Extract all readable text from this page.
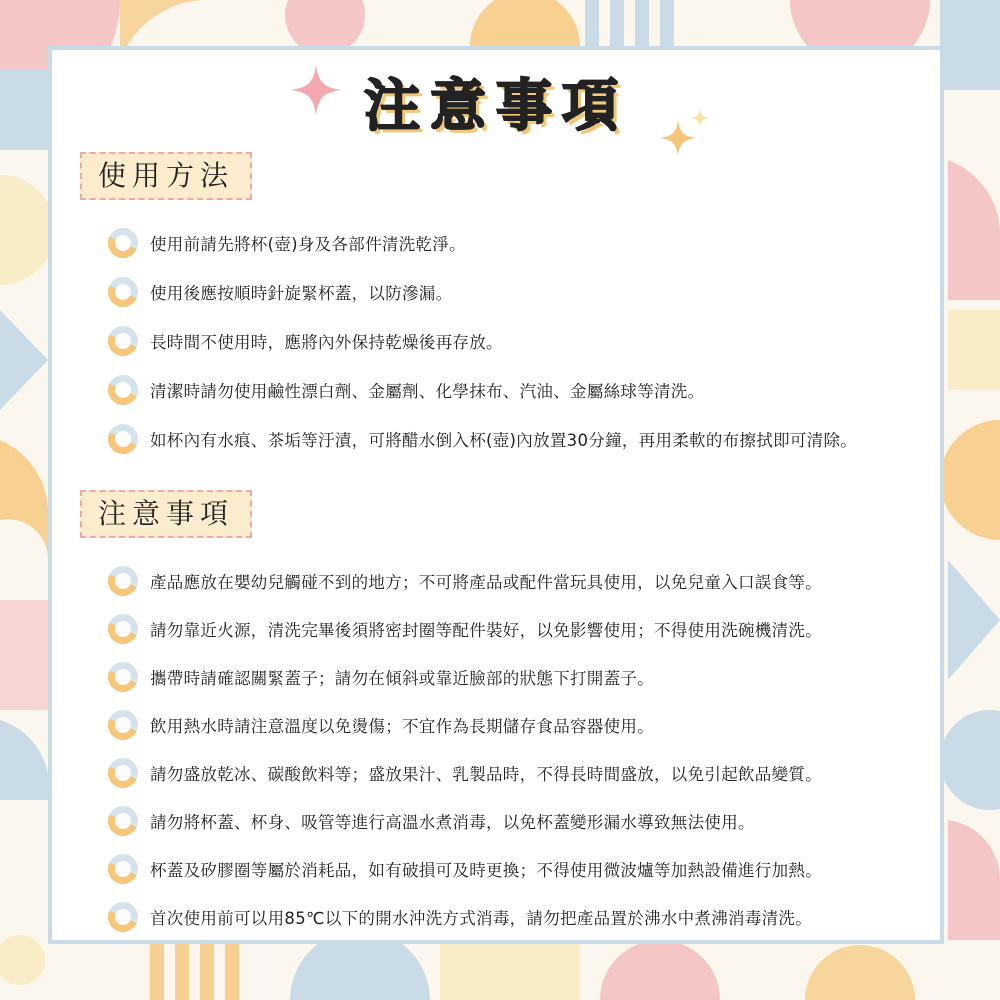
注意事項
使用方法
使用前請先將杯(壺)身及各部件清洗乾淨。
使用後應按順時針旋緊杯蓋，以防滲漏。
長時間不使用時，應將內外保持乾燥後再存放。
清潔時請勿使用鹼性漂白劑、金屬劑、化學抹布、汽油、金屬絲球等清洗。
如杯內有水痕、茶垢等汙漬，可將醋水倒入杯(壺)內放置30分鐘，再用柔軟的布擦拭即可清除。
注意事項
產品應放在嬰幼兒觸碰不到的地方；不可將產品或配件當玩具使用，以免兒童入口誤食等。
請勿靠近火源，清洗完畢後須將密封圈等配件裝好，以免影響使用；不得使用洗碗機清洗。
攜帶時請確認關緊蓋子；請勿在傾斜或靠近臉部的狀態下打開蓋子。
飲用熱水時請注意溫度以免燙傷；不宜作為長期儲存食品容器使用。
請勿盛放乾冰、碳酸飲料等；盛放果汁、乳製品時，不得長時間盛放，以免引起飲品變質。
請勿將杯蓋、杯身、吸管等進行高溫水煮消毒，以免杯蓋變形漏水導致無法使用。
杯蓋及矽膠圈等屬於消耗品，如有破損可及時更換；不得使用微波爐等加熱設備進行加熱。
首次使用前可以用85℃以下的開水沖洗方式消毒，請勿把產品置於沸水中煮沸消毒清洗。
